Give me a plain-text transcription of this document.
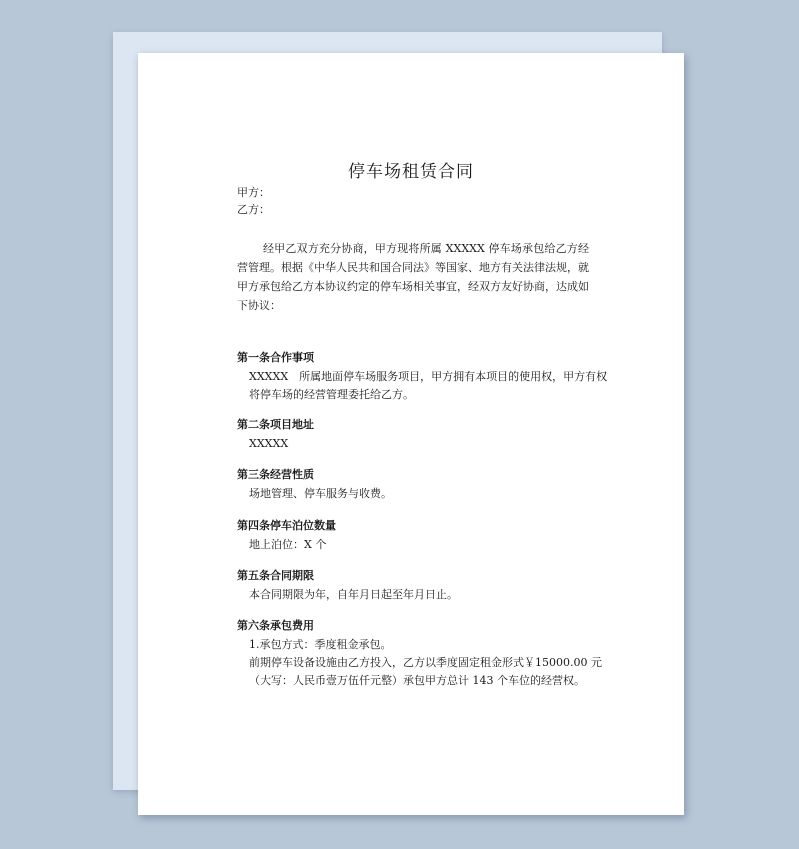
停车场租赁合同
甲方：
乙方：
经甲乙双方充分协商，甲方现将所属 XXXXX 停车场承包给乙方经营管理。根据《中华人民共和国合同法》等国家、地方有关法律法规，就甲方承包给乙方本协议约定的停车场相关事宜，经双方友好协商，达成如下协议：
第一条合作事项
XXXXX　所属地面停车场服务项目，甲方拥有本项目的使用权，甲方有权
将停车场的经营管理委托给乙方。
第二条项目地址
XXXXX
第三条经营性质
场地管理、停车服务与收费。
第四条停车泊位数量
地上泊位：X 个
第五条合同期限
本合同期限为年，自年月日起至年月日止。
第六条承包费用
1.承包方式：季度租金承包。
前期停车设备设施由乙方投入，乙方以季度固定租金形式￥15000.00 元
（大写：人民币壹万伍仟元整）承包甲方总计 143 个车位的经营权。
